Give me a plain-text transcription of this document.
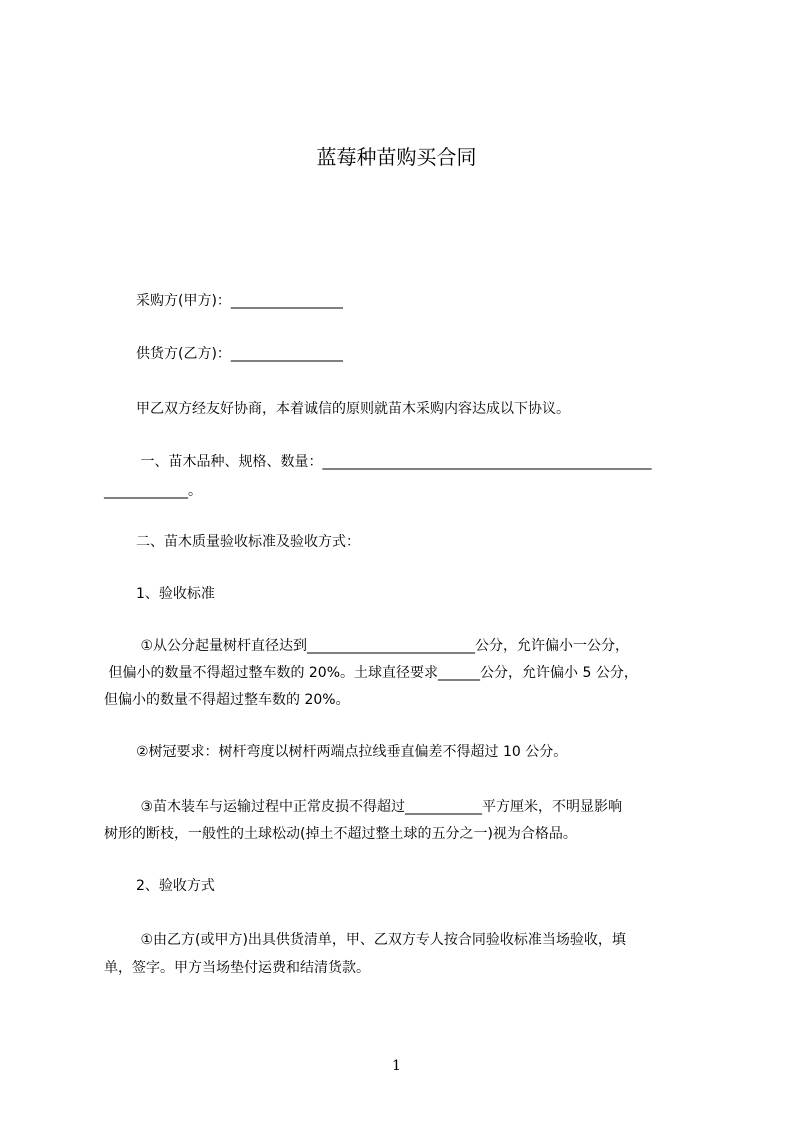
蓝莓种苗购买合同
采购方(甲方)：________________
供货方(乙方)：________________
甲乙双方经友好协商，本着诚信的原则就苗木采购内容达成以下协议。
一、苗木品种、规格、数量：_______________________________________________
____________。
二、苗木质量验收标准及验收方式：
1、验收标准
①从公分起量树杆直径达到________________________公分，允许偏小一公分，
但偏小的数量不得超过整车数的 20%。土球直径要求______公分，允许偏小 5 公分，
但偏小的数量不得超过整车数的 20%。
②树冠要求：树杆弯度以树杆两端点拉线垂直偏差不得超过 10 公分。
③苗木装车与运输过程中正常皮损不得超过___________平方厘米，不明显影响
树形的断枝，一般性的土球松动(掉土不超过整土球的五分之一)视为合格品。
2、验收方式
①由乙方(或甲方)出具供货清单，甲、乙双方专人按合同验收标准当场验收，填
单，签字。甲方当场垫付运费和结清货款。
1
